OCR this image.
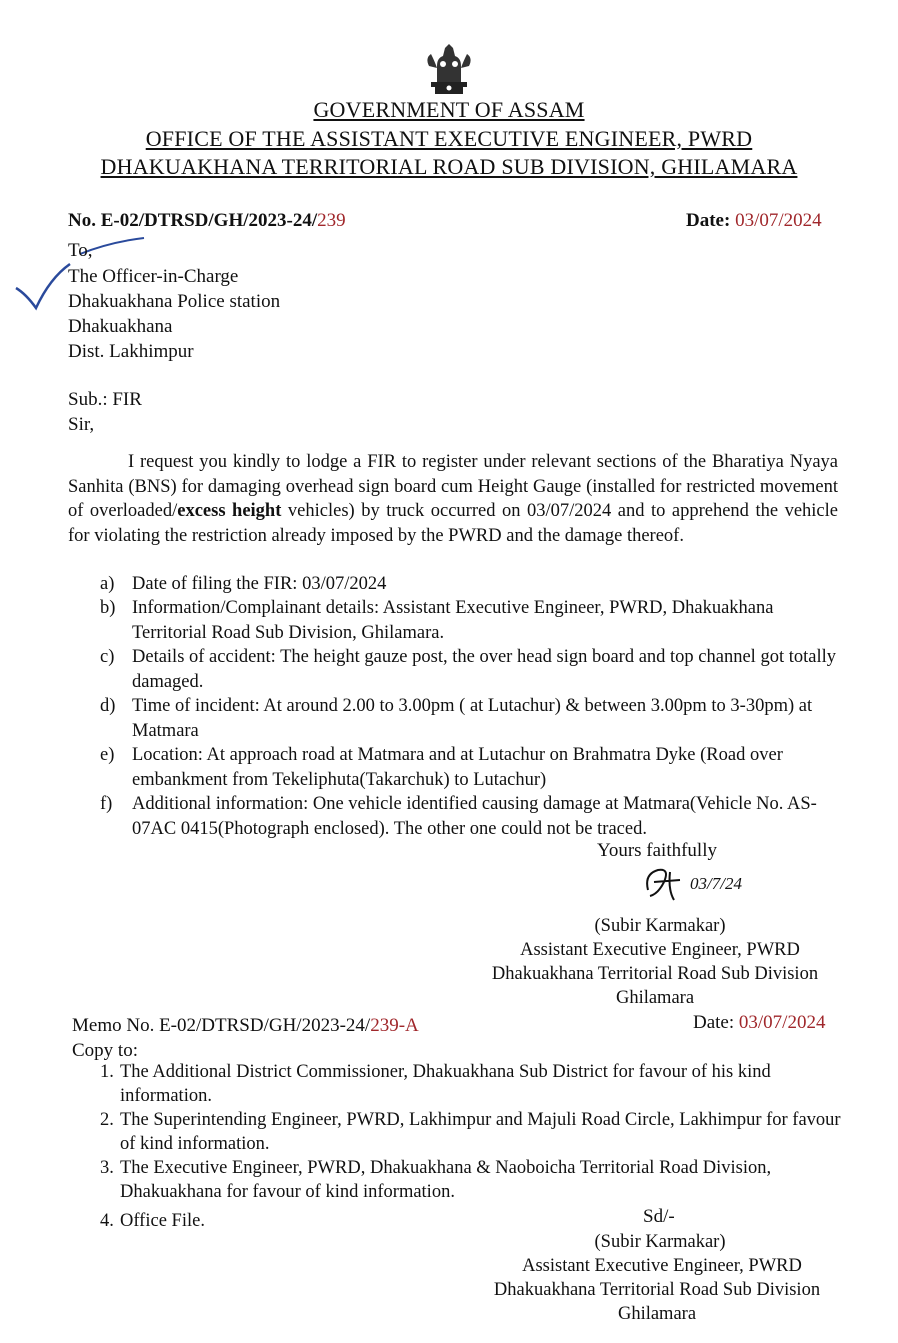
GOVERNMENT OF ASSAM
OFFICE OF THE ASSISTANT EXECUTIVE ENGINEER, PWRD
DHAKUAKHANA TERRITORIAL ROAD SUB DIVISION, GHILAMARA
No. E-02/DTRSD/GH/2023-24/239	Date: 03/07/2024
To,
The Officer-in-Charge
Dhakuakhana Police station
Dhakuakhana
Dist. Lakhimpur
Sub.: FIR
Sir,
I request you kindly to lodge a FIR to register under relevant sections of the Bharatiya Nyaya Sanhita (BNS) for damaging overhead sign board cum Height Gauge (installed for restricted movement of overloaded/excess height vehicles) by truck occurred on 03/07/2024 and to apprehend the vehicle for violating the restriction already imposed by the PWRD and the damage thereof.
a) Date of filing the FIR: 03/07/2024
b) Information/Complainant details: Assistant Executive Engineer, PWRD, Dhakuakhana Territorial Road Sub Division, Ghilamara.
c) Details of accident: The height gauze post, the over head sign board and top channel got totally damaged.
d) Time of incident: At around 2.00 to 3.00pm ( at Lutachur) & between 3.00pm to 3-30pm) at Matmara
e) Location: At approach road at Matmara and at Lutachur on Brahmatra Dyke (Road over embankment from Tekeliphuta(Takarchuk) to Lutachur)
f)	Additional information: One vehicle identified causing damage at Matmara(Vehicle No. AS-07AC 0415(Photograph enclosed). The other one could not be traced.
Yours faithfully
03/7/24
(Subir Karmakar)
Assistant Executive Engineer, PWRD
Dhakuakhana Territorial Road Sub Division
Ghilamara
Memo No. E-02/DTRSD/GH/2023-24/239-A	Date: 03/07/2024
Copy to:
1. The Additional District Commissioner, Dhakuakhana Sub District for favour of his kind information.
2. The Superintending Engineer, PWRD, Lakhimpur and Majuli Road Circle, Lakhimpur for favour of kind information.
3. The Executive Engineer, PWRD, Dhakuakhana & Naoboicha Territorial Road Division, Dhakuakhana for favour of kind information.
4. Office File.	Sd/-
(Subir Karmakar)
Assistant Executive Engineer, PWRD
Dhakuakhana Territorial Road Sub Division
Ghilamara
